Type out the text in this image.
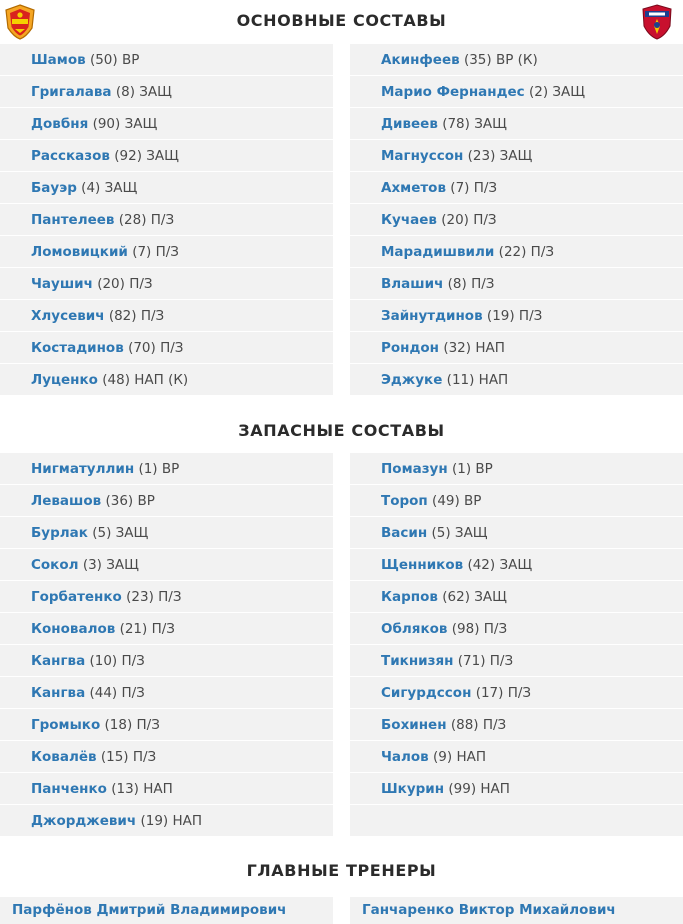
ОСНОВНЫЕ СОСТАВЫ
Шамов (50) ВР
Григалава (8) ЗАЩ
Довбня (90) ЗАЩ
Рассказов (92) ЗАЩ
Бауэр (4) ЗАЩ
Пантелеев (28) П/З
Ломовицкий (7) П/З
Чаушич (20) П/З
Хлусевич (82) П/З
Костадинов (70) П/З
Луценко (48) НАП (К)
Акинфеев (35) ВР (К)
Марио Фернандес (2) ЗАЩ
Дивеев (78) ЗАЩ
Магнуссон (23) ЗАЩ
Ахметов (7) П/З
Кучаев (20) П/З
Марадишвили (22) П/З
Влашич (8) П/З
Зайнутдинов (19) П/З
Рондон (32) НАП
Эджуке (11) НАП
ЗАПАСНЫЕ СОСТАВЫ
Нигматуллин (1) ВР
Левашов (36) ВР
Бурлак (5) ЗАЩ
Сокол (3) ЗАЩ
Горбатенко (23) П/З
Коновалов (21) П/З
Кангва (10) П/З
Кангва (44) П/З
Громыко (18) П/З
Ковалёв (15) П/З
Панченко (13) НАП
Джорджевич (19) НАП
Помазун (1) ВР
Тороп (49) ВР
Васин (5) ЗАЩ
Щенников (42) ЗАЩ
Карпов (62) ЗАЩ
Обляков (98) П/З
Тикнизян (71) П/З
Сигурдссон (17) П/З
Бохинен (88) П/З
Чалов (9) НАП
Шкурин (99) НАП
ГЛАВНЫЕ ТРЕНЕРЫ
Парфёнов Дмитрий Владимирович	Ганчаренко Виктор Михайлович
